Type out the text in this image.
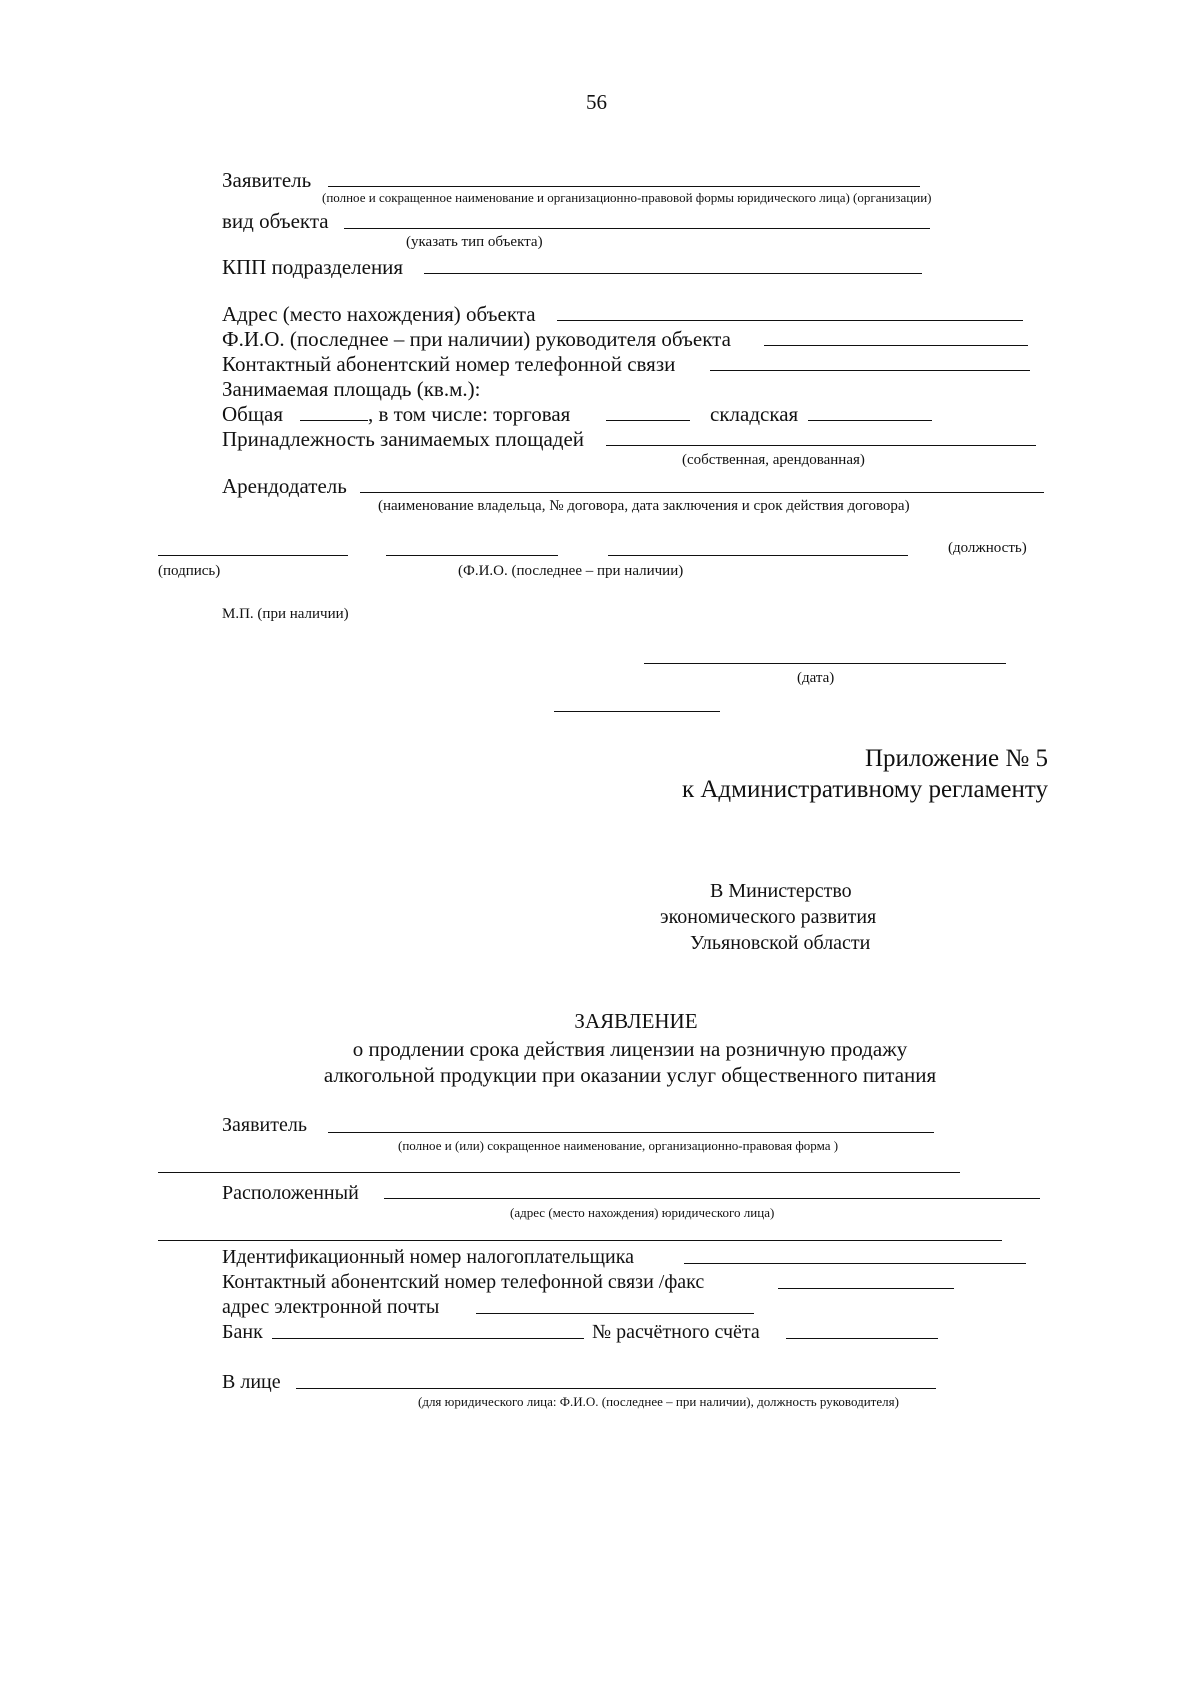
56
Заявитель
(полное и сокращенное наименование и организационно-правовой формы юридического лица) (организации)
вид объекта
(указать тип объекта)
КПП подразделения
Адрес (место нахождения) объекта
Ф.И.О. (последнее – при наличии) руководителя объекта
Контактный абонентский номер телефонной связи
Занимаемая площадь (кв.м.):
Общая	, в том числе: торговая	складская
Принадлежность занимаемых площадей
(собственная, арендованная)
Арендодатель
(наименование владельца, № договора, дата заключения и срок действия договора)
(должность)
(подпись)	(Ф.И.О. (последнее – при наличии)
М.П. (при наличии)
(дата)
Приложение № 5
к Административному регламенту
В Министерство
экономического развития
Ульяновской области
ЗАЯВЛЕНИЕ
о продлении срока действия лицензии на розничную продажу
алкогольной продукции при оказании услуг общественного питания
Заявитель
(полное и (или) сокращенное наименование, организационно-правовая форма )
Расположенный
(адрес (место нахождения) юридического лица)
Идентификационный номер налогоплательщика
Контактный абонентский номер телефонной связи /факс
адрес электронной почты
Банк	№ расчётного счёта
В лице
(для юридического лица: Ф.И.О. (последнее – при наличии), должность руководителя)
